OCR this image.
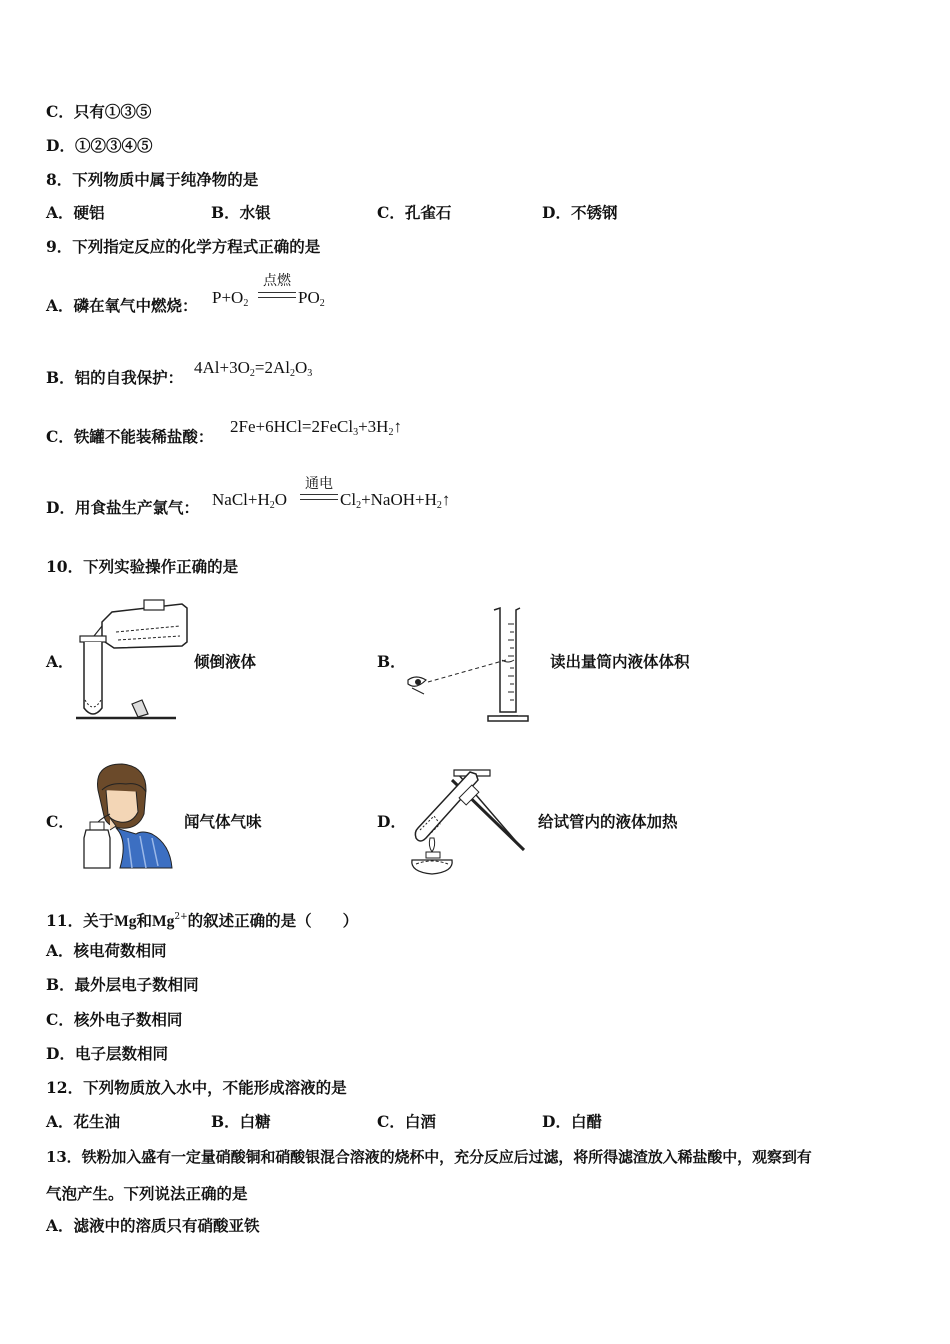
C．只有①③⑤
D．①②③④⑤
8．下列物质中属于纯净物的是
A．硬铝	B．水银	C．孔雀石	D．不锈钢
9．下列指定反应的化学方程式正确的是
A．磷在氧气中燃烧： $P+O_2$
点燃
$PO_2$
B．铝的自我保护：
$4Al+3O_2=2Al_2O_3$
C．铁罐不能装稀盐酸：
$2Fe+6HCl=2FeCl_3+3H_2↑$
D．用食盐生产氯气： $NaCl+H_2O$
通电
$Cl_2+NaOH+H_2↑$
10．下列实验操作正确的是
A．	倾倒液体	B．	读出量筒内液体体积
C．	闻气体气味	D．	给试管内的液体加热
11．关于Mg和$Mg^{2+}$的叙述正确的是（　　）
A．核电荷数相同
B．最外层电子数相同
C．核外电子数相同
D．电子层数相同
12．下列物质放入水中，不能形成溶液的是
A．花生油	B．白糖	C．白酒	D．白醋
13．铁粉加入盛有一定量硝酸铜和硝酸银混合溶液的烧杯中，充分反应后过滤，将所得滤渣放入稀盐酸中，观察到有
气泡产生。下列说法正确的是
A．滤液中的溶质只有硝酸亚铁
